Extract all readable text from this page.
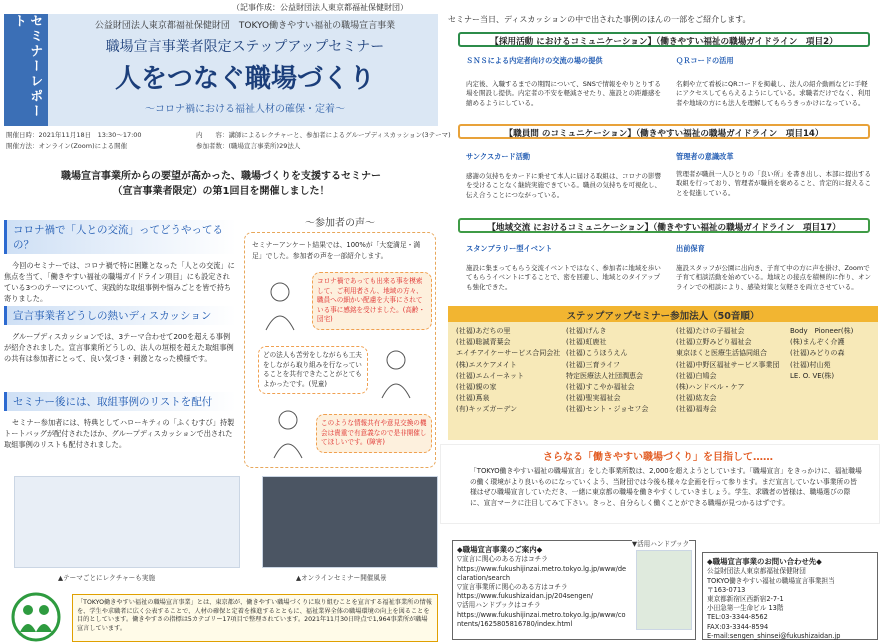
（記事作成：公益財団法人東京都福祉保健財団）
セミナーレポート	公益財団法人東京都福祉保健財団　TOKYO働きやすい福祉の職場宣言事業
職場宣言事業者限定ステップアップセミナー
人をつなぐ職場づくり
〜コロナ禍における福祉人材の確保・定着〜
開催日時：2021年11月18日　13:30〜17:00
開催方法：オンライン(Zoom)による開催
内　　容：講師によるレクチャーと、参加者によるグループディスカッション(3テーマ)
参加者数：(職場宣言事業所)29法人
職場宣言事業所からの要望が高かった、職場づくりを支援するセミナー
（宣言事業者限定）の第1回目を開催しました！
コロナ禍で「人との交流」ってどうやってるの？
今回のセミナーでは、コロナ禍で特に困難となった「人との交流」に焦点を当て、「働きやすい福祉の職場ガイドライン項目」にも設定されている3つのテーマについて、実践的な取組事例や悩みごとを皆で持ち寄りました。
宣言事業者どうしの熱いディスカッション
グループディスカッションでは、3テーマ合わせて200を超える事例が紹介されました。宣言事業所どうしの、法人の垣根を超えた取組事例の共有は参加者にとって、良い気づき・刺激となった模様です。
セミナー後には、取組事例のリストを配付
セミナー参加者には、特典としてハローキティの「ふくむすび」持製トートバッグが配付されたほか、グループディスカッションで出された取組事例のリストも配付されました。
〜参加者の声〜
セミナーアンケート結果では、100%が「大変満足・満足」でした。参加者の声を一部紹介します。
コロナ禍であっても出来る事を模索して、ご利用者さん、地域の方々、職員への細かい配慮を大事にされている事に感銘を受けました。(高齢・団宅)
どの法人も苦労をしながらも工夫をしながら取り組みを行なっていることを共有できたことがとてもよかったです。(児童)
このような情報共有や意見交換の機会は貴重で有意義なので是非開催してほしいです。(障害)
▲テーマごとにレクチャーも実施	▲オンラインセミナー開催風景
「TOKYO働きやすい福祉の職場宣言事業」とは、東京都が、働きやすい職場づくりに取り組むことを宣言する福祉事業所の情報を、学生や求職者に広く公表することで、人材の確保と定着を推進するとともに、福祉業界全体の職場環境の向上を図ることを目的としています。働きやすさの指標は5カテゴリー17項目で整理されています。2021年11月30日時点で1,964事業所が職場宣言しています。
セミナー当日、ディスカッションの中で出された事例のほんの一部をご紹介します。
【採用活動 におけるコミュニケーション】（働きやすい福祉の職場ガイドライン　項目2）
ＳＮＳによる内定者向けの交流の場の提供
内定後、入職するまでの期間について、SNSで情報をやりとりする場を開設し提供。内定者の不安を軽減させたり、施設との距離感を縮めるようにしている。
ＱＲコードの活用
名刺や立て看板にQRコードを掲載し、法人の紹介動画などに手軽にアクセスしてもらえるようにしている。求職者だけでなく、利用者や地域の方にも法人を理解してもらうきっかけになっている。
【職員間 のコミュニケーション】（働きやすい福祉の職場ガイドライン　項目14）
サンクスカード活動
感謝の気持ちをカードに乗せて本人に届ける取組は、コロナの影響を受けることなく継続実施できている。職員の気持ちを可視化し、伝え合うことにつながっている。
管理者の意識改革
管理者が職員一人ひとりの「良い所」を書き出し、本部に提出する取組を行っており、管理者が職員を褒めること、肯定的に捉えることを促進している。
【地域交流 におけるコミュニケーション】（働きやすい福祉の職場ガイドライン　項目17）
スタンプラリー型イベント
施設に集まってもらう交流イベントではなく、参加者に地域を歩いてもらうイベントにすることで、密を回避し、地域とのタイアップも強化できた。
出前保育
施設スタッフが公園に出向き、子育て中の方に声を掛け、Zoomで子育て相談活動を始めている。地域との接点を積極的に作り、オンラインでの相談により、感染対策と気軽さを両立させている。
ステップアップセミナー参加法人（50音順）
(社福)あだちの里
(社福)聡誠青葉会
エイチアイケーサービス合同会社
(株)エスケアメイト
(社福)エムイーネット
(社福)親の家
(社福)蔦泉
(有)キッズガーデン
(社福)げんき
(社福)虹鹿社
(社福)こうほうえん
(社福)三育ライフ
特定医療法人社団潤恵会
(社福)すこやか福祉会
(社福)聖実福祉会
(社福)セント・ジョセフ会
(社福)たけの子福祉会
(社福)立野みどり福祉会
東京ほくと医療生活協同組合
(社福)中野区福祉サービス事業団
(社福)白鳩会
(株)ハンドベル・ケア
(社福)紘友会
(社福)福寿会
Body　Pioneer(株)
(株)まんぞく介護
(社福)みどりの森
(社福)村山苑
LE. O. VE(株)

さらなる「働きやすい職場づくり」を目指して……
「TOKYO働きやすい福祉の職場宣言」をした事業所数は、2,000を超えようとしています。「職場宣言」をきっかけに、福祉職場の働く環境がより良いものになっていくよう、当財団では今後も様々な企画を行って参ります。まだ宣言していない事業所の皆様はぜひ職場宣言していただき、一緒に東京都の職場を働きやすくしていきましょう。学生、求職者の皆様は、職場選びの際に、宣言マークに注目してみて下さい。きっと、自分らしく働くことができる職場が見つかるはずです。
◆職場宣言事業のご案内◆
▽宣言に関心のある方はコチラ
https://www.fukushijinzai.metro.tokyo.lg.jp/www/declaration/search
▽宣言事業所に関心のある方はコチラ
https://www.fukushizaidan.jp/204sengen/
▽活用ハンドブックはコチラ
https://www.fukushijinzai.metro.tokyo.lg.jp/www/contents/1625805816780/index.html
▼活用ハンドブック
◆職場宣言事業のお問い合わせ先◆
公益財団法人東京都福祉保健財団
TOKYO働きやすい福祉の職場宣言事業担当
〒163-0713
東京都新宿区西新宿2-7-1
小田急第一生命ビル 13階
TEL:03-3344-8562
FAX:03-3344-8594
E-mail:sengen_shinsei@fukushizaidan.jp
